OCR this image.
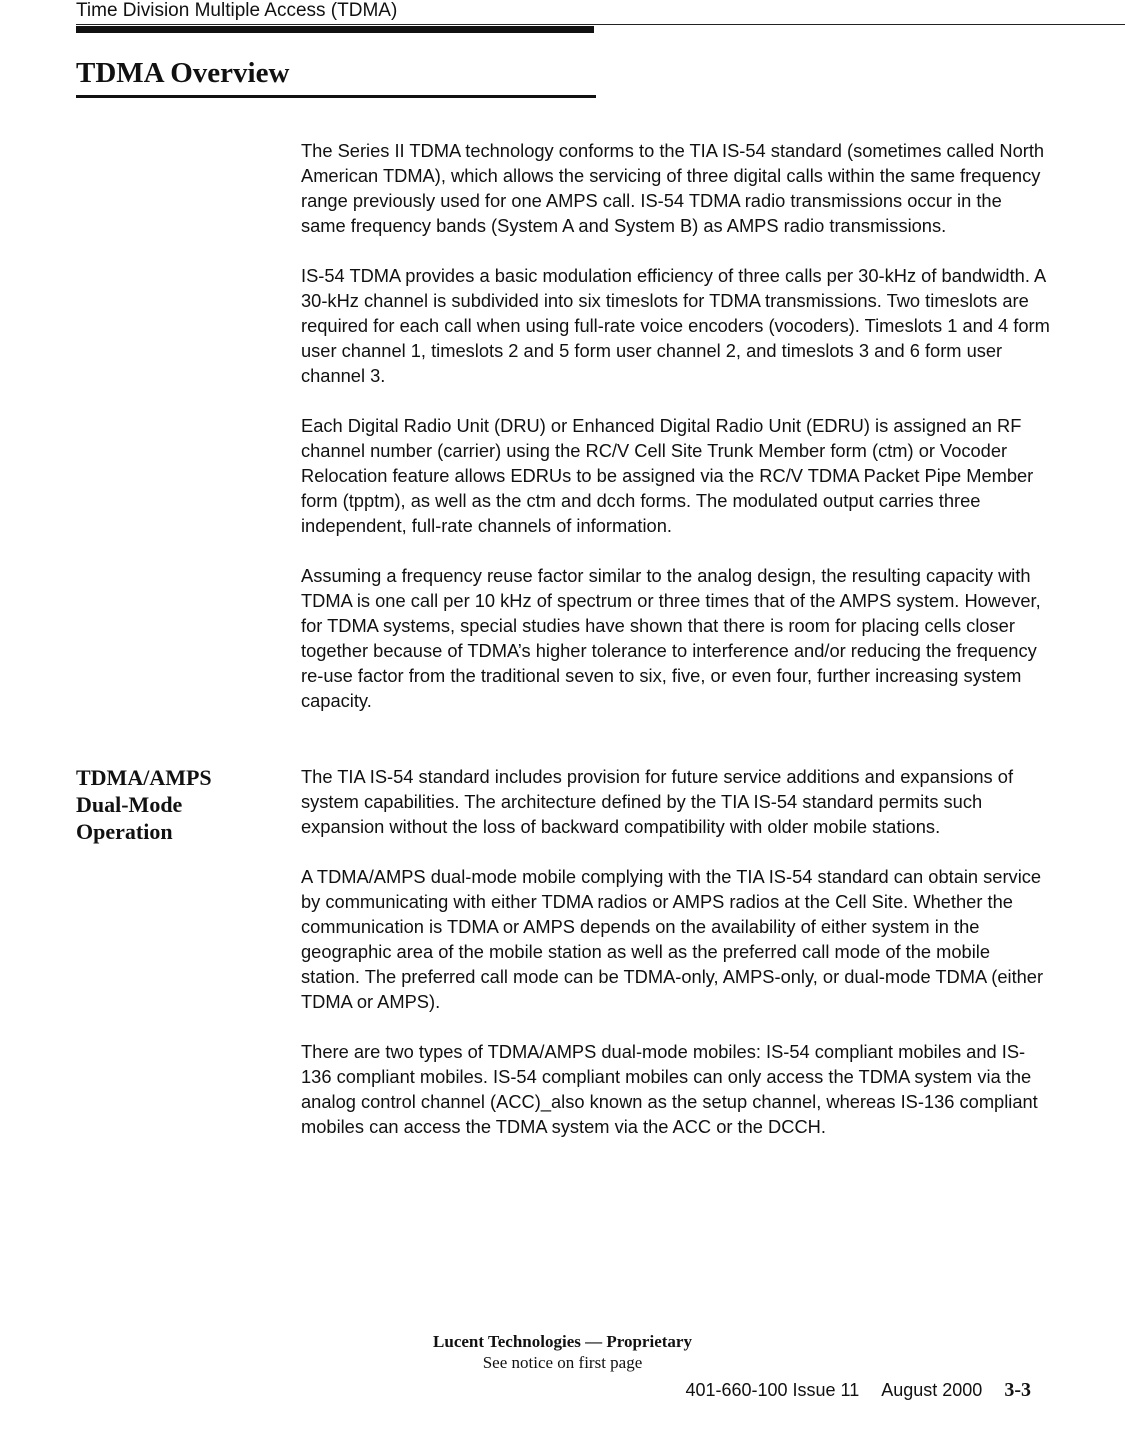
Time Division Multiple Access (TDMA)
TDMA Overview

The Series II TDMA technology conforms to the TIA IS-54 standard (sometimes called North American TDMA), which allows the servicing of three digital calls within the same frequency range previously used for one AMPS call. IS-54 TDMA radio transmissions occur in the same frequency bands (System A and System B) as AMPS radio transmissions.

IS-54 TDMA provides a basic modulation efficiency of three calls per 30-kHz of bandwidth. A 30-kHz channel is subdivided into six timeslots for TDMA transmissions. Two timeslots are required for each call when using full-rate voice encoders (vocoders). Timeslots 1 and 4 form user channel 1, timeslots 2 and 5 form user channel 2, and timeslots 3 and 6 form user channel 3.

Each Digital Radio Unit (DRU) or Enhanced Digital Radio Unit (EDRU) is assigned an RF channel number (carrier) using the RC/V Cell Site Trunk Member form (ctm) or Vocoder Relocation feature allows EDRUs to be assigned via the RC/V TDMA Packet Pipe Member form (tpptm), as well as the ctm and dcch forms. The modulated output carries three independent, full-rate channels of information.

Assuming a frequency reuse factor similar to the analog design, the resulting capacity with TDMA is one call per 10 kHz of spectrum or three times that of the AMPS system. However, for TDMA systems, special studies have shown that there is room for placing cells closer together because of TDMA’s higher tolerance to interference and/or reducing the frequency re-use factor from the traditional seven to six, five, or even four, further increasing system capacity.

TDMA/AMPS
Dual-Mode
Operation

The TIA IS-54 standard includes provision for future service additions and expansions of system capabilities. The architecture defined by the TIA IS-54 standard permits such expansion without the loss of backward compatibility with older mobile stations.

A TDMA/AMPS dual-mode mobile complying with the TIA IS-54 standard can obtain service by communicating with either TDMA radios or AMPS radios at the Cell Site. Whether the communication is TDMA or AMPS depends on the availability of either system in the geographic area of the mobile station as well as the preferred call mode of the mobile station. The preferred call mode can be TDMA-only, AMPS-only, or dual-mode TDMA (either TDMA or AMPS).

There are two types of TDMA/AMPS dual-mode mobiles: IS-54 compliant mobiles and IS-136 compliant mobiles. IS-54 compliant mobiles can only access the TDMA system via the analog control channel (ACC)_also known as the setup channel, whereas IS-136 compliant mobiles can access the TDMA system via the ACC or the DCCH.

Lucent Technologies — Proprietary
See notice on first page
401-660-100 Issue 11 August 2000 3-3
